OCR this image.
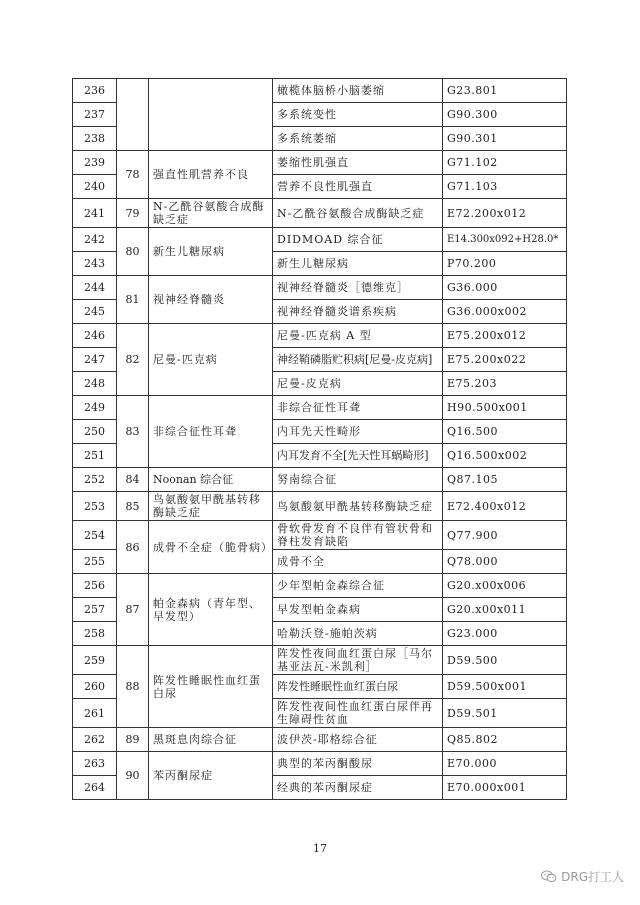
236			橄榄体脑桥小脑萎缩	G23.801
237			多系统变性	G90.300
238			多系统萎缩	G90.301
239	78	强直性肌营养不良	萎缩性肌强直	G71.102
240			营养不良性肌强直	G71.103
241	79	N-乙酰谷氨酸合成酶缺乏症	N-乙酰谷氨酸合成酶缺乏症	E72.200x012
242	80	新生儿糖尿病	DIDMOAD 综合征	E14.300x092+H28.0*
243			新生儿糖尿病	P70.200
244	81	视神经脊髓炎	视神经脊髓炎［德维克］	G36.000
245			视神经脊髓炎谱系疾病	G36.000x002
246	82	尼曼-匹克病	尼曼-匹克病 A 型	E75.200x012
247			神经鞘磷脂贮积病[尼曼-皮克病]	E75.200x022
248			尼曼-皮克病	E75.203
249	83	非综合征性耳聋	非综合征性耳聋	H90.500x001
250			内耳先天性畸形	Q16.500
251			内耳发育不全[先天性耳蜗畸形]	Q16.500x002
252	84	Noonan 综合征	努南综合征	Q87.105
253	85	鸟氨酸氨甲酰基转移酶缺乏症	鸟氨酸氨甲酰基转移酶缺乏症	E72.400x012
254	86	成骨不全症（脆骨病）	骨软骨发育不良伴有管状骨和脊柱发育缺陷	Q77.900
255			成骨不全	Q78.000
256	87	帕金森病（青年型、早发型）	少年型帕金森综合征	G20.x00x006
257			早发型帕金森病	G20.x00x011
258			哈勒沃登-施帕茨病	G23.000
259	88	阵发性睡眠性血红蛋白尿	阵发性夜间血红蛋白尿［马尔基亚法瓦-米凯利］	D59.500
260			阵发性睡眠性血红蛋白尿	D59.500x001
261			阵发性夜间性血红蛋白尿伴再生障碍性贫血	D59.501
262	89	黑斑息肉综合征	波伊茨-耶格综合征	Q85.802
263	90	苯丙酮尿症	典型的苯丙酮酸尿	E70.000
264			经典的苯丙酮尿症	E70.000x001
17
DRG打工人
